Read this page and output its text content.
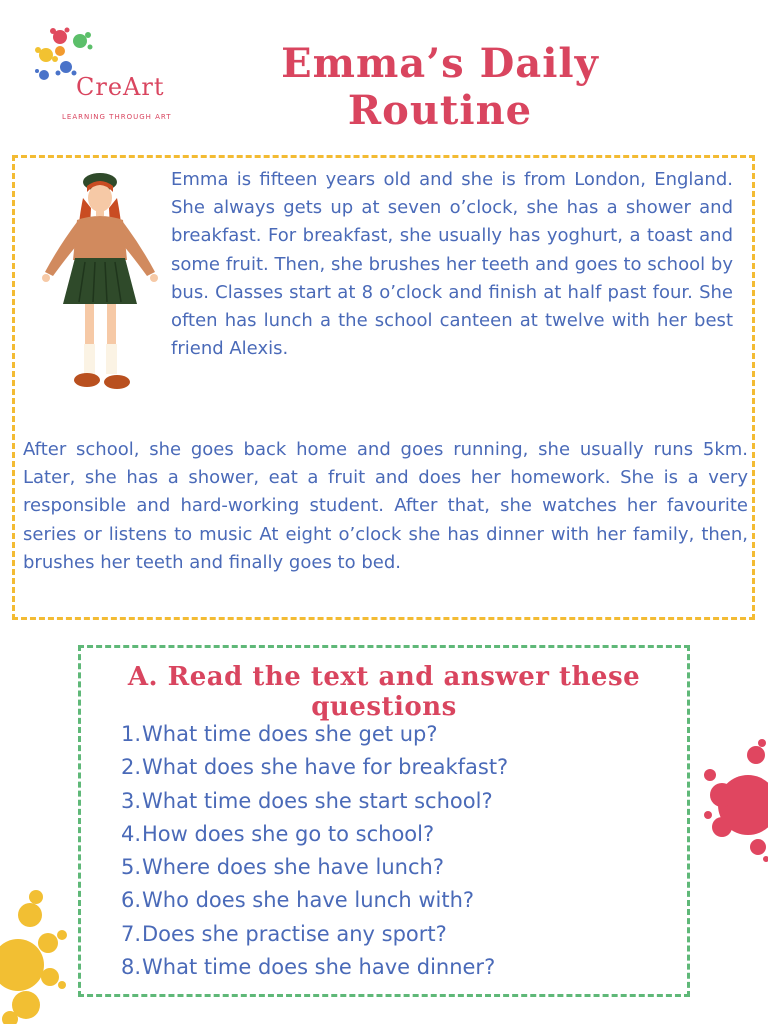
CreArt
LEARNING THROUGH ART
Emma’s Daily Routine

Emma is fifteen years old and she is from London, England. She always gets up at seven o’clock, she has a shower and breakfast. For breakfast, she usually has yoghurt, a toast and some fruit. Then, she brushes her teeth and goes to school by bus. Classes start at 8 o’clock and finish at half past four. She often has lunch a the school canteen at twelve with her best friend Alexis.

After school, she goes back home and goes running, she usually runs 5km. Later, she has a shower, eat a fruit and does her homework. She is a very responsible and hard-working student. After that, she watches her favourite series or listens to music At eight o’clock she has dinner with her family, then, brushes her teeth and finally goes to bed.

A. Read the text and answer these questions
1. What time does she get up?
2. What does she have for breakfast?
3. What time does she start school?
4. How does she go to school?
5. Where does she have lunch?
6. Who does she have lunch with?
7. Does she practise any sport?
8. What time does she have dinner?
